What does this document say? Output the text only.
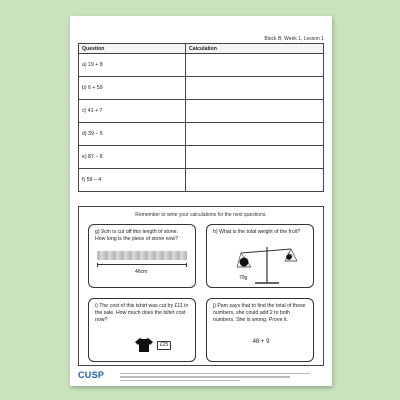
Block B, Week 1, Lesson 1
Question	Calculation
a) 19 + 8	
b) 6 + 59	
c) 41 + 7	
d) 39 − 6	
e) 87 − 8	
f) 59 − 4	
Remember to write your calculations for the next questions.
g) 9cm is cut off this length of stone. How long is the piece of stone now?
46cm
h) What is the total weight of the fruit?
79g
7g
i) The cost of this tshirt was cut by £11 in the sale. How much does the tshirt cost now?
£25
j) Pam says that to find the total of these numbers, she could add 2 to both numbers. She is wrong. Prove it.
48 + 9
CUSP
